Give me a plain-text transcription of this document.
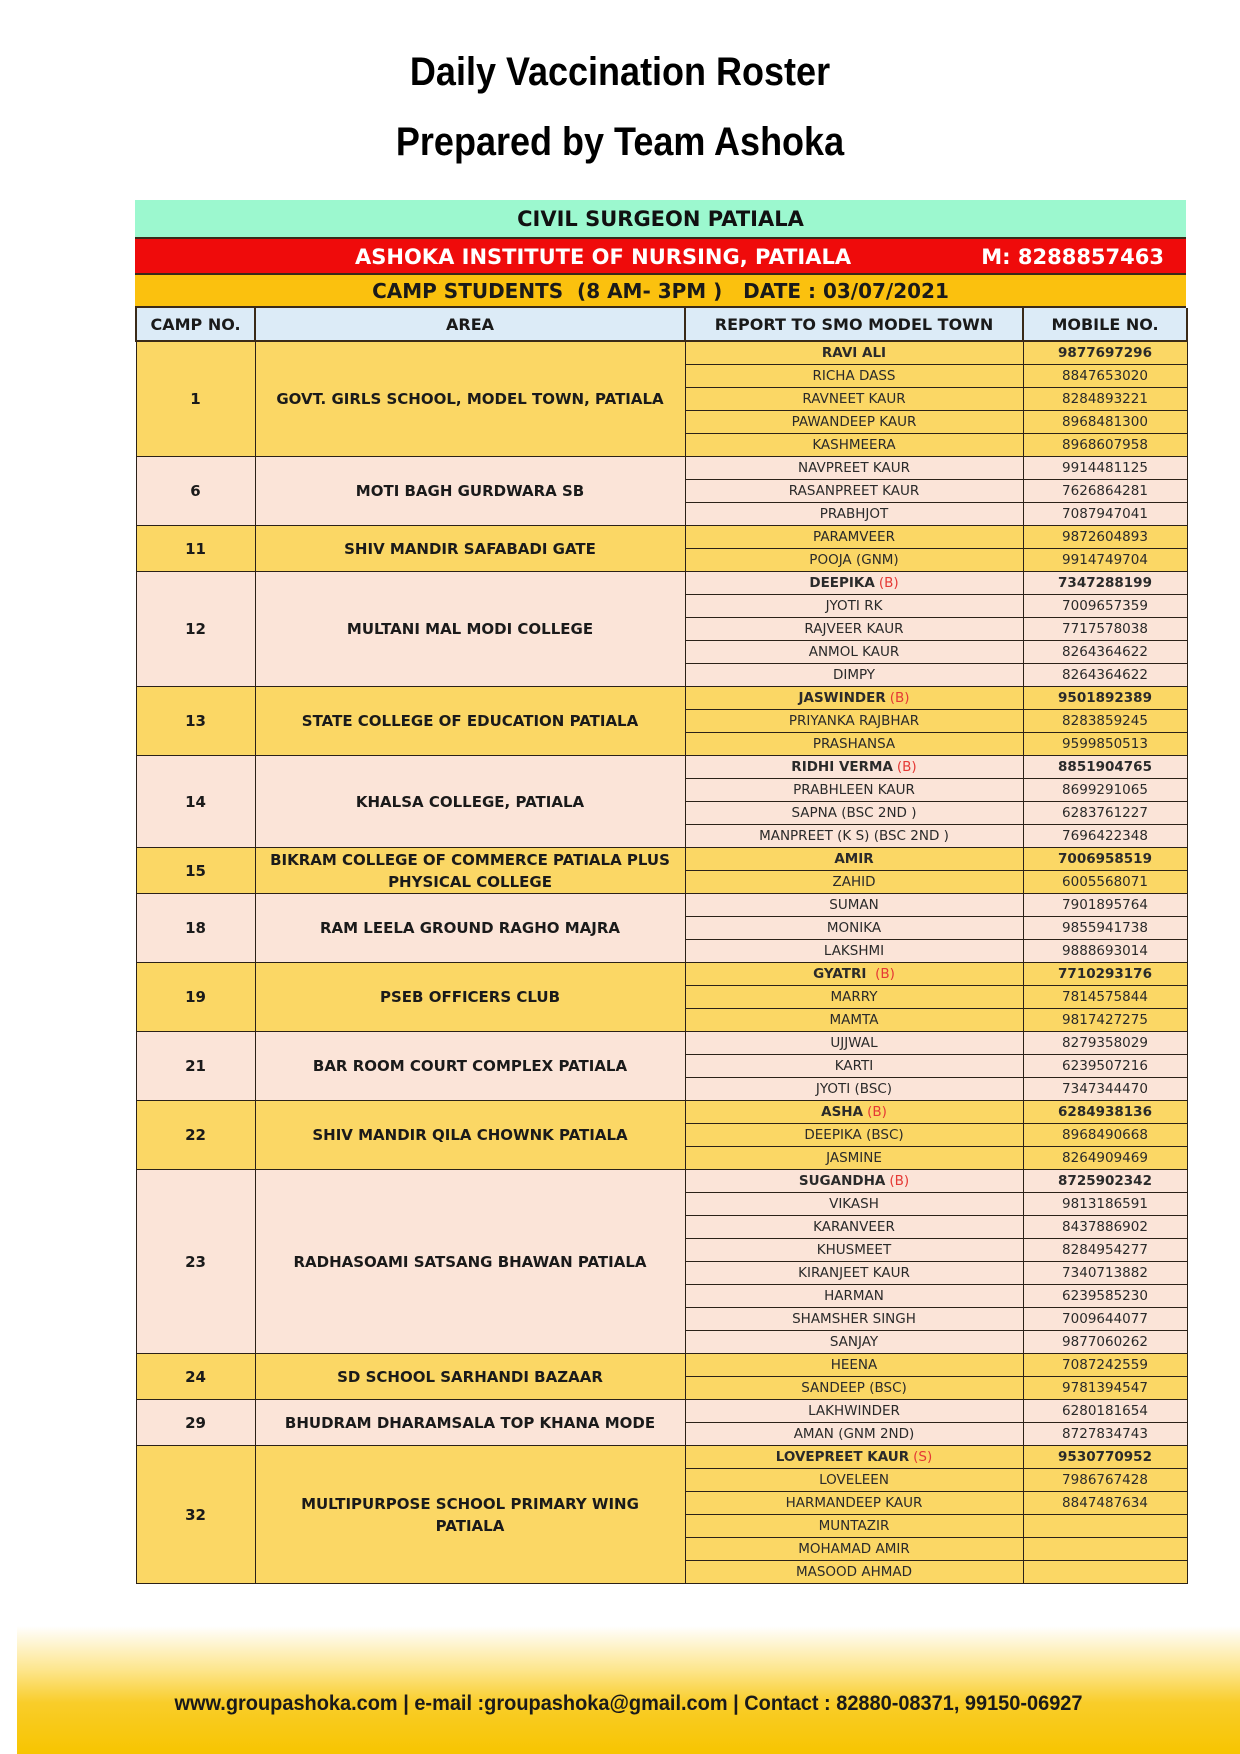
Daily Vaccination Roster
Prepared by Team Ashoka
CIVIL SURGEON PATIALA
ASHOKA INSTITUTE OF NURSING, PATIALA	M: 8288857463
CAMP STUDENTS  (8 AM- 3PM )   DATE : 03/07/2021
CAMP NO.	AREA	REPORT TO SMO MODEL TOWN	MOBILE NO.
1	GOVT. GIRLS SCHOOL, MODEL TOWN, PATIALA	RAVI ALI	9877697296
		RICHA DASS	8847653020
		RAVNEET KAUR	8284893221
		PAWANDEEP KAUR	8968481300
		KASHMEERA	8968607958
6	MOTI BAGH GURDWARA SB	NAVPREET KAUR	9914481125
		RASANPREET KAUR	7626864281
		PRABHJOT	7087947041
11	SHIV MANDIR SAFABADI GATE	PARAMVEER	9872604893
		POOJA (GNM)	9914749704
12	MULTANI MAL MODI COLLEGE	DEEPIKA (B)	7347288199
		JYOTI RK	7009657359
		RAJVEER KAUR	7717578038
		ANMOL KAUR	8264364622
		DIMPY	8264364622
13	STATE COLLEGE OF EDUCATION PATIALA	JASWINDER (B)	9501892389
		PRIYANKA RAJBHAR	8283859245
		PRASHANSA	9599850513
14	KHALSA COLLEGE, PATIALA	RIDHI VERMA (B)	8851904765
		PRABHLEEN KAUR	8699291065
		SAPNA (BSC 2ND )	6283761227
		MANPREET (K S) (BSC 2ND )	7696422348
15	BIKRAM COLLEGE OF COMMERCE PATIALA PLUS PHYSICAL COLLEGE	AMIR	7006958519
		ZAHID	6005568071
18	RAM LEELA GROUND RAGHO MAJRA	SUMAN	7901895764
		MONIKA	9855941738
		LAKSHMI	9888693014
19	PSEB OFFICERS CLUB	GYATRI (B)	7710293176
		MARRY	7814575844
		MAMTA	9817427275
21	BAR ROOM COURT COMPLEX PATIALA	UJJWAL	8279358029
		KARTI	6239507216
		JYOTI (BSC)	7347344470
22	SHIV MANDIR QILA CHOWNK PATIALA	ASHA (B)	6284938136
		DEEPIKA (BSC)	8968490668
		JASMINE	8264909469
23	RADHASOAMI SATSANG BHAWAN PATIALA	SUGANDHA (B)	8725902342
		VIKASH	9813186591
		KARANVEER	8437886902
		KHUSMEET	8284954277
		KIRANJEET KAUR	7340713882
		HARMAN	6239585230
		SHAMSHER SINGH	7009644077
		SANJAY	9877060262
24	SD SCHOOL SARHANDI BAZAAR	HEENA	7087242559
		SANDEEP (BSC)	9781394547
29	BHUDRAM DHARAMSALA TOP KHANA MODE	LAKHWINDER	6280181654
		AMAN (GNM 2ND)	8727834743
32	MULTIPURPOSE SCHOOL PRIMARY WING PATIALA	LOVEPREET KAUR (S)	9530770952
		LOVELEEN	7986767428
		HARMANDEEP KAUR	8847487634
		MUNTAZIR	
		MOHAMAD AMIR	
		MASOOD AHMAD	
www.groupashoka.com | e-mail :groupashoka@gmail.com | Contact : 82880-08371, 99150-06927
